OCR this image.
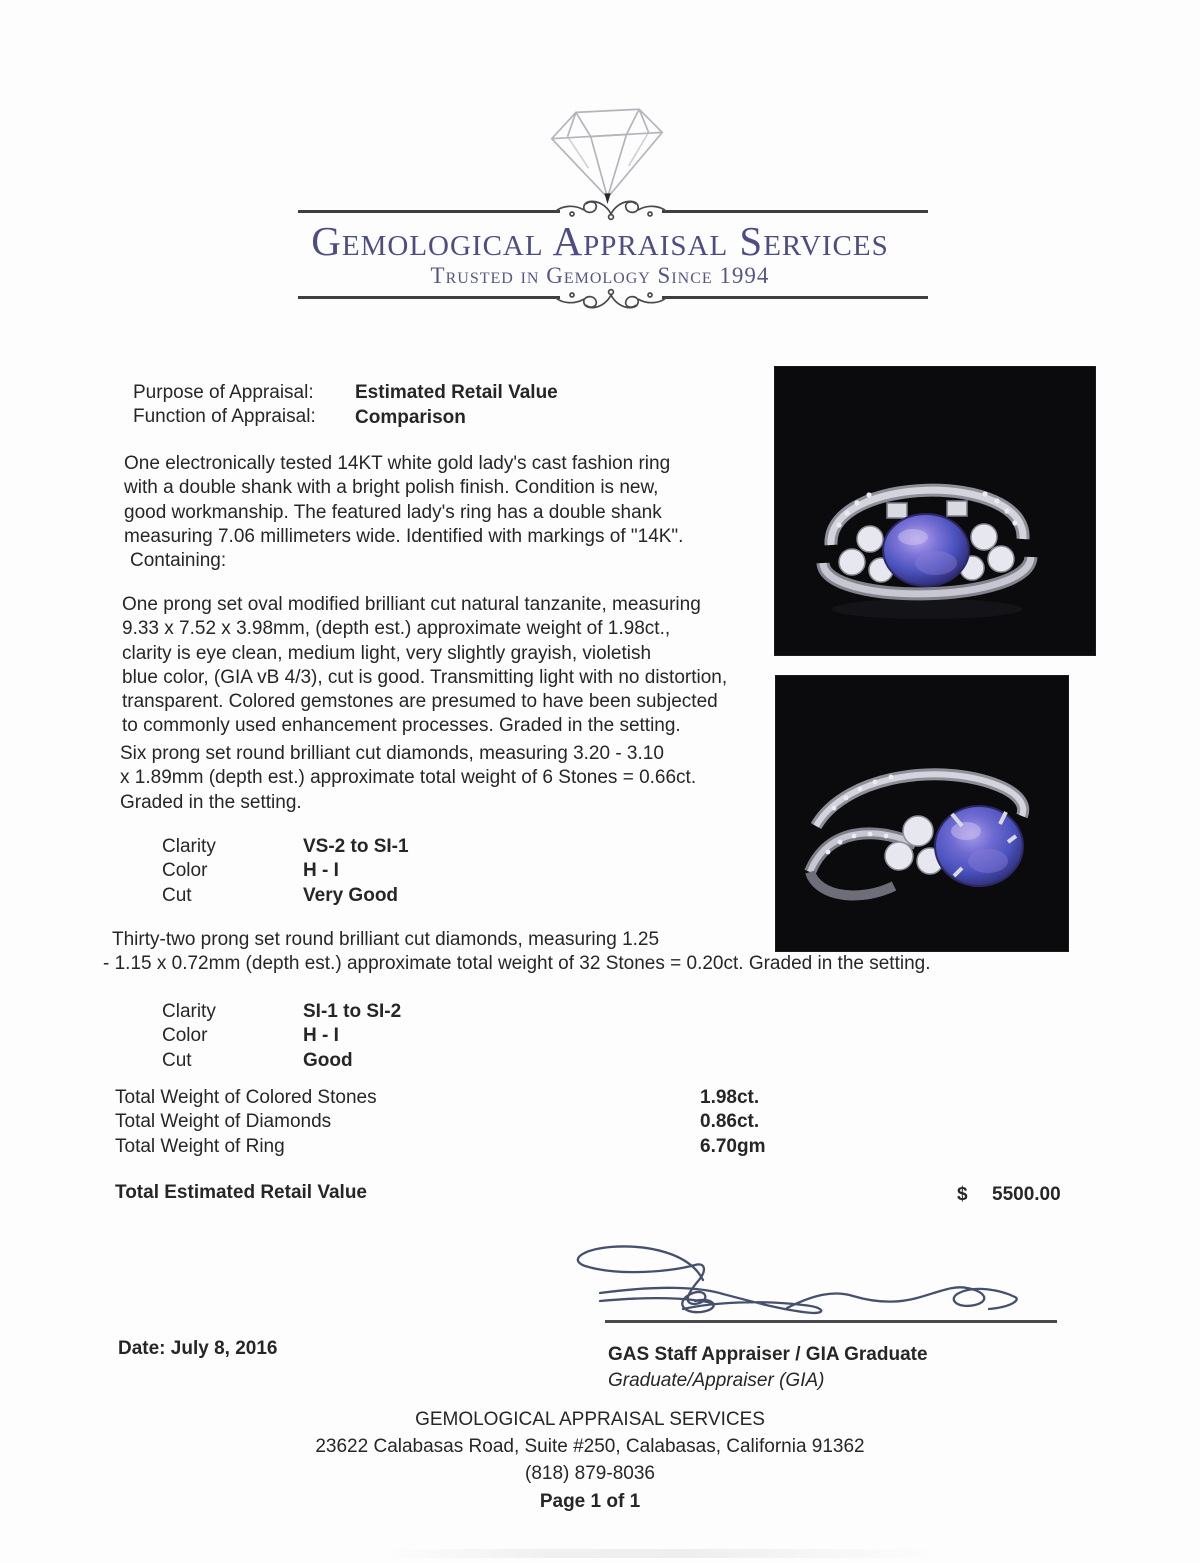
Gemological Appraisal Services
Trusted in Gemology Since 1994
Purpose of Appraisal: Estimated Retail Value
Function of Appraisal: Comparison
One electronically tested 14KT white gold lady's cast fashion ring
with a double shank with a bright polish finish. Condition is new,
good workmanship. The featured lady's ring has a double shank
measuring 7.06 millimeters wide. Identified with markings of "14K".
Containing:
One prong set oval modified brilliant cut natural tanzanite, measuring
9.33 x 7.52 x 3.98mm, (depth est.) approximate weight of 1.98ct.,
clarity is eye clean, medium light, very slightly grayish, violetish
blue color, (GIA vB 4/3), cut is good. Transmitting light with no distortion,
transparent. Colored gemstones are presumed to have been subjected
to commonly used enhancement processes. Graded in the setting.
Six prong set round brilliant cut diamonds, measuring 3.20 - 3.10
x 1.89mm (depth est.) approximate total weight of 6 Stones = 0.66ct.
Graded in the setting.
Clarity	VS-2 to SI-1
Color	H - I
Cut	Very Good
Thirty-two prong set round brilliant cut diamonds, measuring 1.25
- 1.15 x 0.72mm (depth est.) approximate total weight of 32 Stones = 0.20ct. Graded in the setting.
Clarity	SI-1 to SI-2
Color	H - I
Cut	Good
Total Weight of Colored Stones	1.98ct.
Total Weight of Diamonds	0.86ct.
Total Weight of Ring	6.70gm
Total Estimated Retail Value	$ 5500.00
Date: July 8, 2016	GAS Staff Appraiser / GIA Graduate
Graduate/Appraiser (GIA)
GEMOLOGICAL APPRAISAL SERVICES
23622 Calabasas Road, Suite #250, Calabasas, California 91362
(818) 879-8036
Page 1 of 1
